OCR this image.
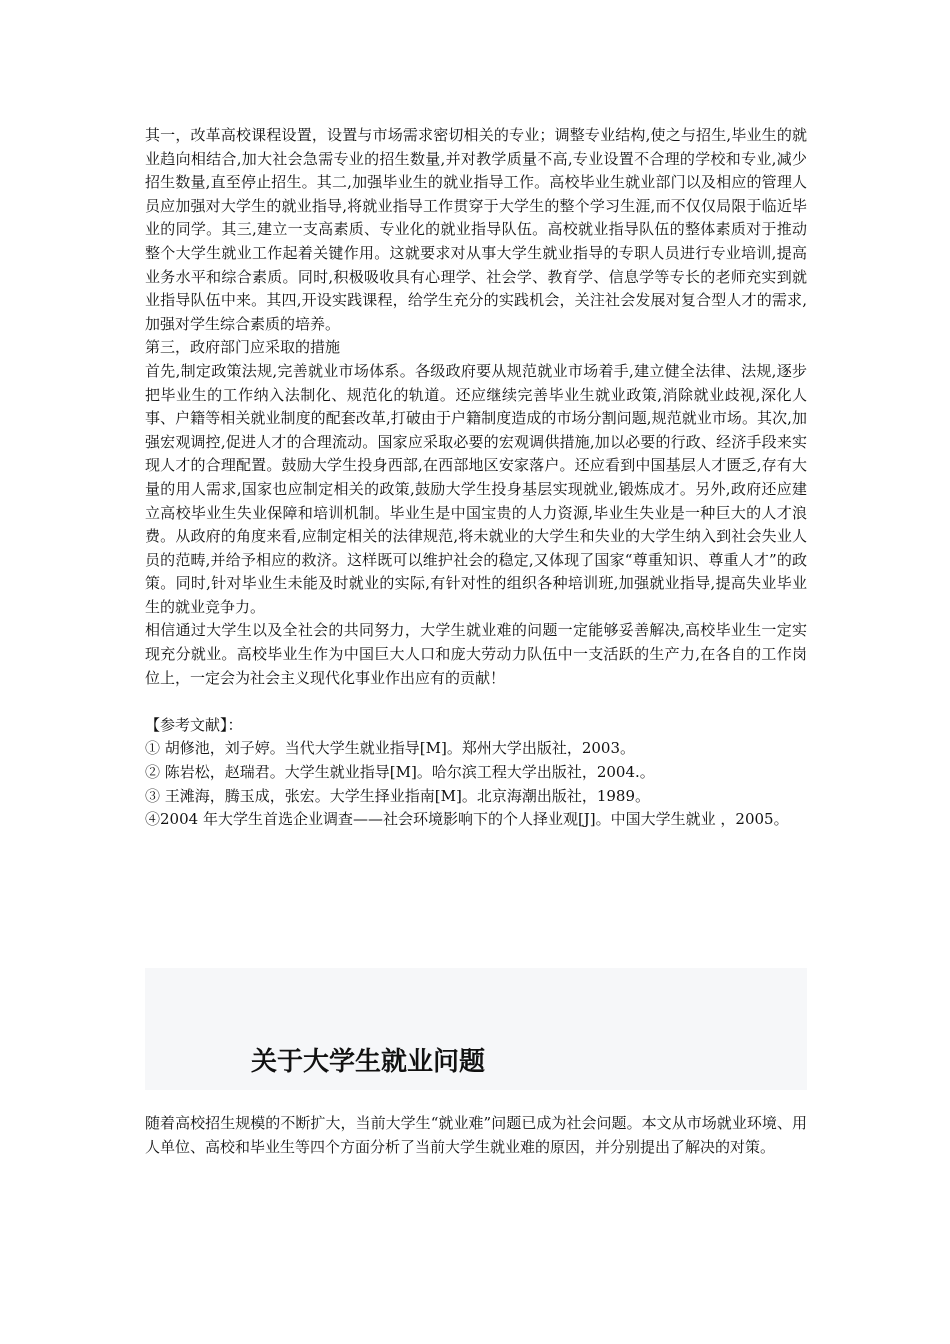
其一，改革高校课程设置，设置与市场需求密切相关的专业；调整专业结构,使之与招生,毕业生的就业趋向相结合,加大社会急需专业的招生数量,并对教学质量不高,专业设置不合理的学校和专业,减少招生数量,直至停止招生。其二,加强毕业生的就业指导工作。高校毕业生就业部门以及相应的管理人员应加强对大学生的就业指导,将就业指导工作贯穿于大学生的整个学习生涯,而不仅仅局限于临近毕业的同学。其三,建立一支高素质、专业化的就业指导队伍。高校就业指导队伍的整体素质对于推动整个大学生就业工作起着关键作用。这就要求对从事大学生就业指导的专职人员进行专业培训,提高业务水平和综合素质。同时,积极吸收具有心理学、社会学、教育学、信息学等专长的老师充实到就业指导队伍中来。其四,开设实践课程，给学生充分的实践机会，关注社会发展对复合型人才的需求,加强对学生综合素质的培养。

第三，政府部门应采取的措施

首先,制定政策法规,完善就业市场体系。各级政府要从规范就业市场着手,建立健全法律、法规,逐步把毕业生的工作纳入法制化、规范化的轨道。还应继续完善毕业生就业政策,消除就业歧视,深化人事、户籍等相关就业制度的配套改革,打破由于户籍制度造成的市场分割问题,规范就业市场。其次,加强宏观调控,促进人才的合理流动。国家应采取必要的宏观调供措施,加以必要的行政、经济手段来实现人才的合理配置。鼓励大学生投身西部,在西部地区安家落户。还应看到中国基层人才匮乏,存有大量的用人需求,国家也应制定相关的政策,鼓励大学生投身基层实现就业,锻炼成才。另外,政府还应建立高校毕业生失业保障和培训机制。毕业生是中国宝贵的人力资源,毕业生失业是一种巨大的人才浪费。从政府的角度来看,应制定相关的法律规范,将未就业的大学生和失业的大学生纳入到社会失业人员的范畴,并给予相应的救济。这样既可以维护社会的稳定,又体现了国家“尊重知识、尊重人才”的政策。同时,针对毕业生未能及时就业的实际,有针对性的组织各种培训班,加强就业指导,提高失业毕业生的就业竞争力。

相信通过大学生以及全社会的共同努力，大学生就业难的问题一定能够妥善解决,高校毕业生一定实现充分就业。高校毕业生作为中国巨大人口和庞大劳动力队伍中一支活跃的生产力,在各自的工作岗位上，一定会为社会主义现代化事业作出应有的贡献！

【参考文献】：

① 胡修池，刘子婷。当代大学生就业指导[M]。郑州大学出版社，2003。

② 陈岩松，赵瑞君。大学生就业指导[M]。哈尔滨工程大学出版社，2004.。

③ 王滩海，腾玉成，张宏。大学生择业指南[M]。北京海潮出版社，1989。

④2004 年大学生首选企业调查——社会环境影响下的个人择业观[J]。中国大学生就业 ，2005。

关于大学生就业问题

随着高校招生规模的不断扩大，当前大学生“就业难”问题已成为社会问题。本文从市场就业环境、用人单位、高校和毕业生等四个方面分析了当前大学生就业难的原因，并分别提出了解决的对策。
